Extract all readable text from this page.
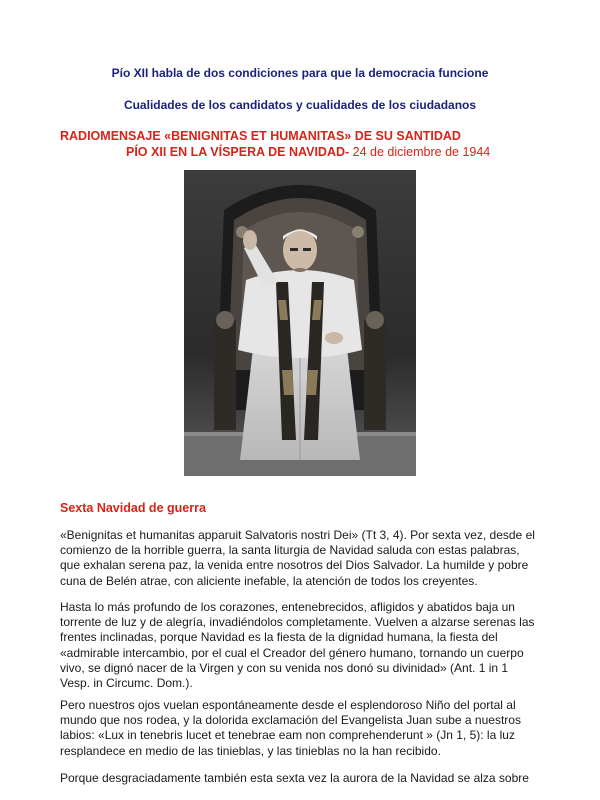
Pío XII habla de dos condiciones para que la democracia funcione
Cualidades de los candidatos y cualidades de los ciudadanos
RADIOMENSAJE «BENIGNITAS ET HUMANITAS» DE SU SANTIDAD
PÍO XII EN LA VÍSPERA DE NAVIDAD- 24 de diciembre de 1944
Sexta Navidad de guerra
«Benignitas et humanitas apparuit Salvatoris nostri Dei» (Tt 3, 4). Por sexta vez, desde el
comienzo de la horrible guerra, la santa liturgia de Navidad saluda con estas palabras,
que exhalan serena paz, la venida entre nosotros del Dios Salvador. La humilde y pobre
cuna de Belén atrae, con aliciente inefable, la atención de todos los creyentes.
Hasta lo más profundo de los corazones, entenebrecidos, afligidos y abatidos baja un
torrente de luz y de alegría, invadiéndolos completamente. Vuelven a alzarse serenas las
frentes inclinadas, porque Navidad es la fiesta de la dignidad humana, la fiesta del
«admirable intercambio, por el cual el Creador del género humano, tornando un cuerpo
vivo, se dignó nacer de la Virgen y con su venida nos donó su divinidad» (Ant. 1 in 1
Vesp. in Circumc. Dom.).
Pero nuestros ojos vuelan espontáneamente desde el esplendoroso Niño del portal al
mundo que nos rodea, y la dolorida exclamación del Evangelista Juan sube a nuestros
labios: «Lux in tenebris lucet et tenebrae eam non comprehenderunt » (Jn 1, 5): la luz
resplandece en medio de las tinieblas, y las tinieblas no la han recibido.
Porque desgraciadamente también esta sexta vez la aurora de la Navidad se alza sobre
